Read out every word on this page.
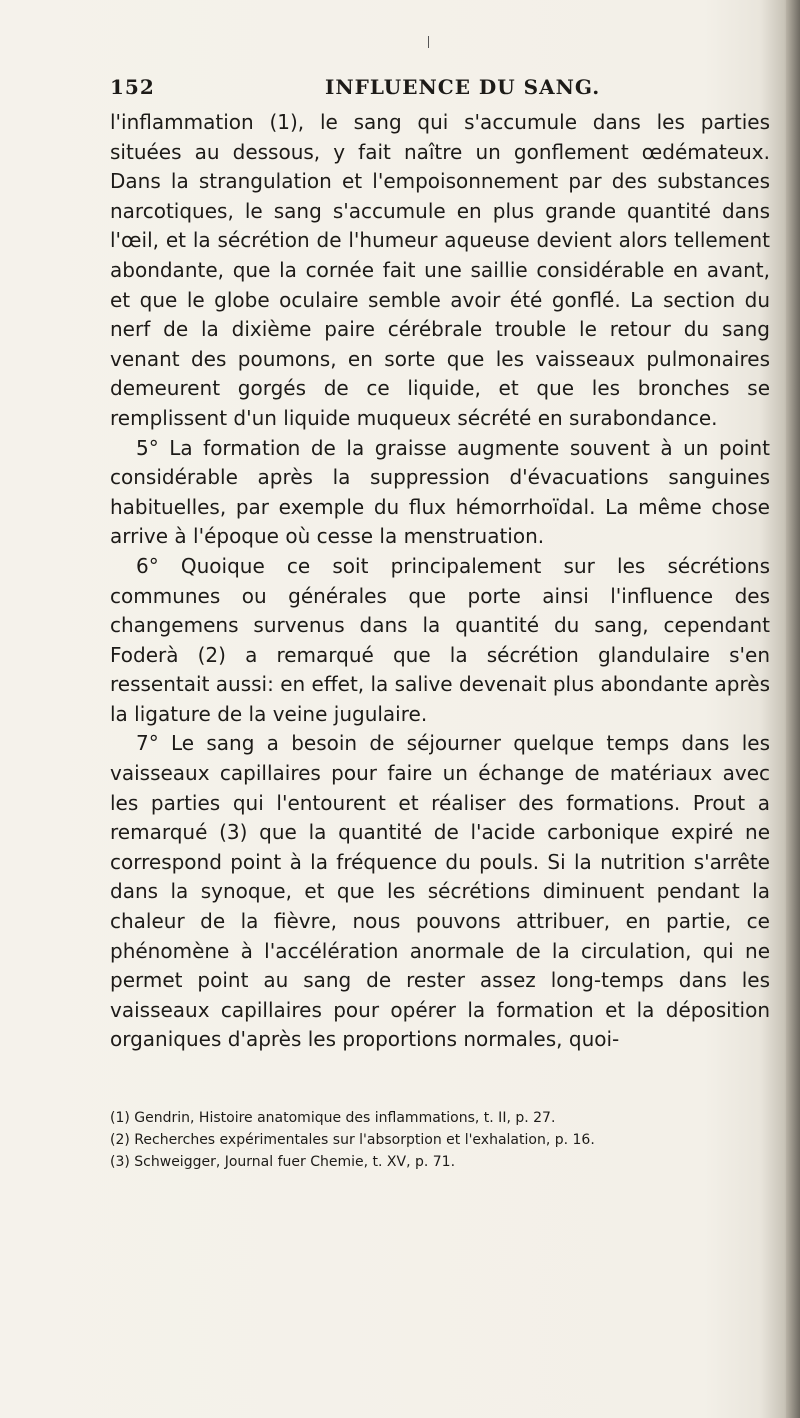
152	INFLUENCE DU SANG.

l'inflammation (1), le sang qui s'accumule dans les parties situées au dessous, y fait naître un gonflement œdémateux. Dans la strangulation et l'empoisonnement par des substances narcotiques, le sang s'accumule en plus grande quantité dans l'œil, et la sécrétion de l'humeur aqueuse devient alors tellement abondante, que la cornée fait une saillie considérable en avant, et que le globe oculaire semble avoir été gonflé. La section du nerf de la dixième paire cérébrale trouble le retour du sang venant des poumons, en sorte que les vaisseaux pulmonaires demeurent gorgés de ce liquide, et que les bronches se remplissent d'un liquide muqueux sécrété en surabondance.

5° La formation de la graisse augmente souvent à un point considérable après la suppression d'évacuations sanguines habituelles, par exemple du flux hémorrhoïdal. La même chose arrive à l'époque où cesse la menstruation.

6° Quoique ce soit principalement sur les sécrétions communes ou générales que porte ainsi l'influence des changemens survenus dans la quantité du sang, cependant Foderà (2) a remarqué que la sécrétion glandulaire s'en ressentait aussi: en effet, la salive devenait plus abondante après la ligature de la veine jugulaire.

7° Le sang a besoin de séjourner quelque temps dans les vaisseaux capillaires pour faire un échange de matériaux avec les parties qui l'entourent et réaliser des formations. Prout a remarqué (3) que la quantité de l'acide carbonique expiré ne correspond point à la fréquence du pouls. Si la nutrition s'arrête dans la synoque, et que les sécrétions diminuent pendant la chaleur de la fièvre, nous pouvons attribuer, en partie, ce phénomène à l'accélération anormale de la circulation, qui ne permet point au sang de rester assez long-temps dans les vaisseaux capillaires pour opérer la formation et la déposition organiques d'après les proportions normales, quoi-

(1) Gendrin, Histoire anatomique des inflammations, t. II, p. 27.

(2) Recherches expérimentales sur l'absorption et l'exhalation, p. 16.

(3) Schweigger, Journal fuer Chemie, t. XV, p. 71.
